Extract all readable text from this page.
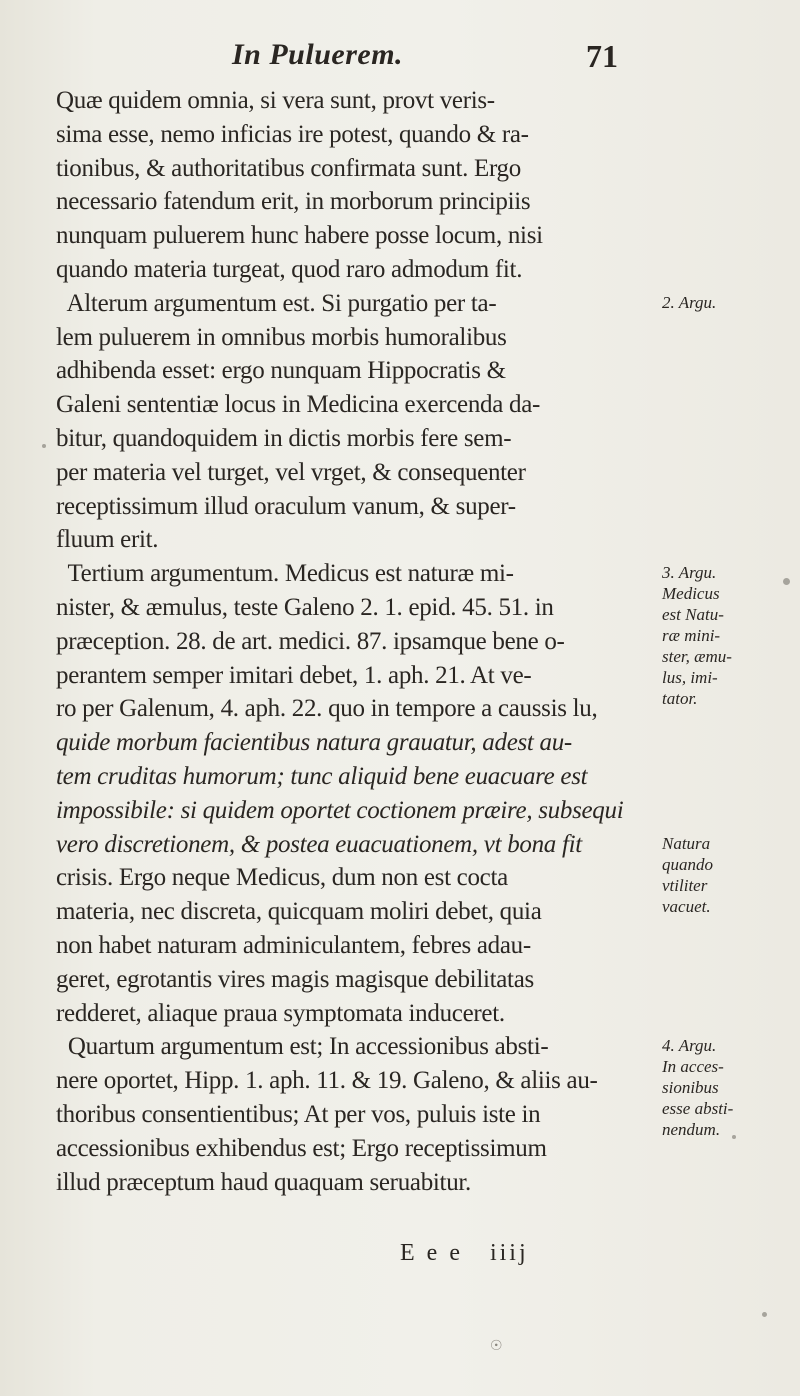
In Puluerem.	71
Quæ quidem omnia, si vera sunt, provt veris-
sima esse, nemo inficias ire potest, quando & ra-
tionibus, & authoritatibus confirmata sunt. Ergo
necessario fatendum erit, in morborum principiis
nunquam puluerem hunc habere posse locum, nisi
quando materia turgeat, quod raro admodum fit.
Alterum argumentum est. Si purgatio per ta-
lem puluerem in omnibus morbis humoralibus
adhibenda esset: ergo nunquam Hippocratis &
Galeni sententiæ locus in Medicina exercenda da-
bitur, quandoquidem in dictis morbis fere sem-
per materia vel turget, vel vrget, & consequenter
receptissimum illud oraculum vanum, & super-
fluum erit.
Tertium argumentum. Medicus est naturæ mi-
nister, & æmulus, teste Galeno 2. 1. epid. 45. 51. in
præception. 28. de art. medici. 87. ipsamque bene o-
perantem semper imitari debet, 1. aph. 21. At ve-
ro per Galenum, 4. aph. 22. quo in tempore a caussis lu,
quide morbum facientibus natura grauatur, adest au-
tem cruditas humorum; tunc aliquid bene euacuare est
impossibile: si quidem oportet coctionem præire, subsequi
vero discretionem, & postea euacuationem, vt bona fit
crisis. Ergo neque Medicus, dum non est cocta
materia, nec discreta, quicquam moliri debet, quia
non habet naturam adminiculantem, febres adau-
geret, egrotantis vires magis magisque debilitatas
redderet, aliaque praua symptomata induceret.
Quartum argumentum est; In accessionibus absti-
nere oportet, Hipp. 1. aph. 11. & 19. Galeno, & aliis au-
thoribus consentientibus; At per vos, puluis iste in
accessionibus exhibendus est; Ergo receptissimum
illud præceptum haud quaquam seruabitur.
2. Argu.
3. Argu.
Medicus
est Natu-
ræ mini-
ster, æmu-
lus, imi-
tator.
Natura
quando
vtiliter
vacuet.
4. Argu.
In acces-
sionibus
esse absti-
nendum.
E e e   iiij
☉
